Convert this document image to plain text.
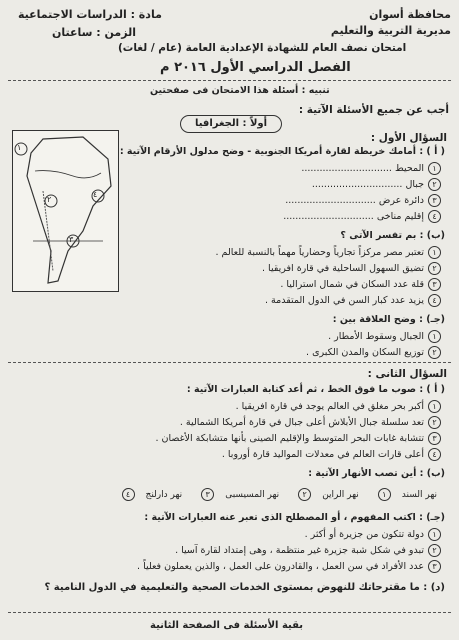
محافظة أسوان
مديرية التربية والتعليم
مادة : الدراسات الاجتماعية
الزمن : ساعتان
امتحان نصف العام للشهادة الإعدادية العامة (عام / لغات)
الفصل الدراسي الأول ٢٠١٦ م
تنبيه : أسئلة هذا الامتحان فى صفحتين
أجب عن جميع الأسئلة الآتية :
أولاً : الجغرافيا
٤
١
٣
٢
السؤال الأول :
( أ ) : أمامك خريطة لقارة أمريكا الجنوبية - وضح مدلول الأرقام الآتية :
١المحيط ..............................
٢جبال ..............................
٣دائرة عرض ..............................
٤إقليم مناخى ..............................
(ب) : بم تفسر الآتى ؟
١تعتبر مصر مركزاً تجارياً وحضارياً مهماً بالنسبة للعالم .
٢تضيق السهول الساحلية في قارة افريقيا .
٣قلة عدد السكان في شمال استراليا .
٤يزيد عدد كبار السن في الدول المتقدمة .
(جـ) : وضح العلاقة بين :
١الجبال وسقوط الأمطار .
٢توزيع السكان والمدن الكبرى .
السؤال الثانى :
( أ ) : صوب ما فوق الخط ، ثم أعد كتابة العبارات الآتية :
١أكبر بحر مغلق في العالم يوجد في قارة افريقيا .
٢تعد سلسلة جبال الأبلاش أعلى جبال في قارة أمريكا الشمالية .
٣تتشابة غابات البحر المتوسط والإقليم الصينى بأنها متشابكة الأغصان .
٤أعلى قارات العالم في معدلات المواليد قارة أوروبا .
(ب) : أين تصب الأنهار الآتية :
نهر السند ١ نهر الراين ٢ نهر المسيسبى ٣ نهر دارلنج ٤
(جـ) : اكتب المفهوم ، أو المصطلح الذى تعبر عنه العبارات الآتية :
١دولة تتكون من جزيرة أو أكثر .
٢تبدو في شكل شبة جزيرة غير منتظمة ، وهى إمتداد لقارة آسيا .
٣عدد الأفراد في سن العمل ، والقادرون على العمل ، والذين يعملون فعلياً .
(د) : ما مقترحاتك للنهوض بمستوى الخدمات الصحية والتعليمية في الدول النامية ؟
بقية الأسئلة فى الصفحة الثانية
